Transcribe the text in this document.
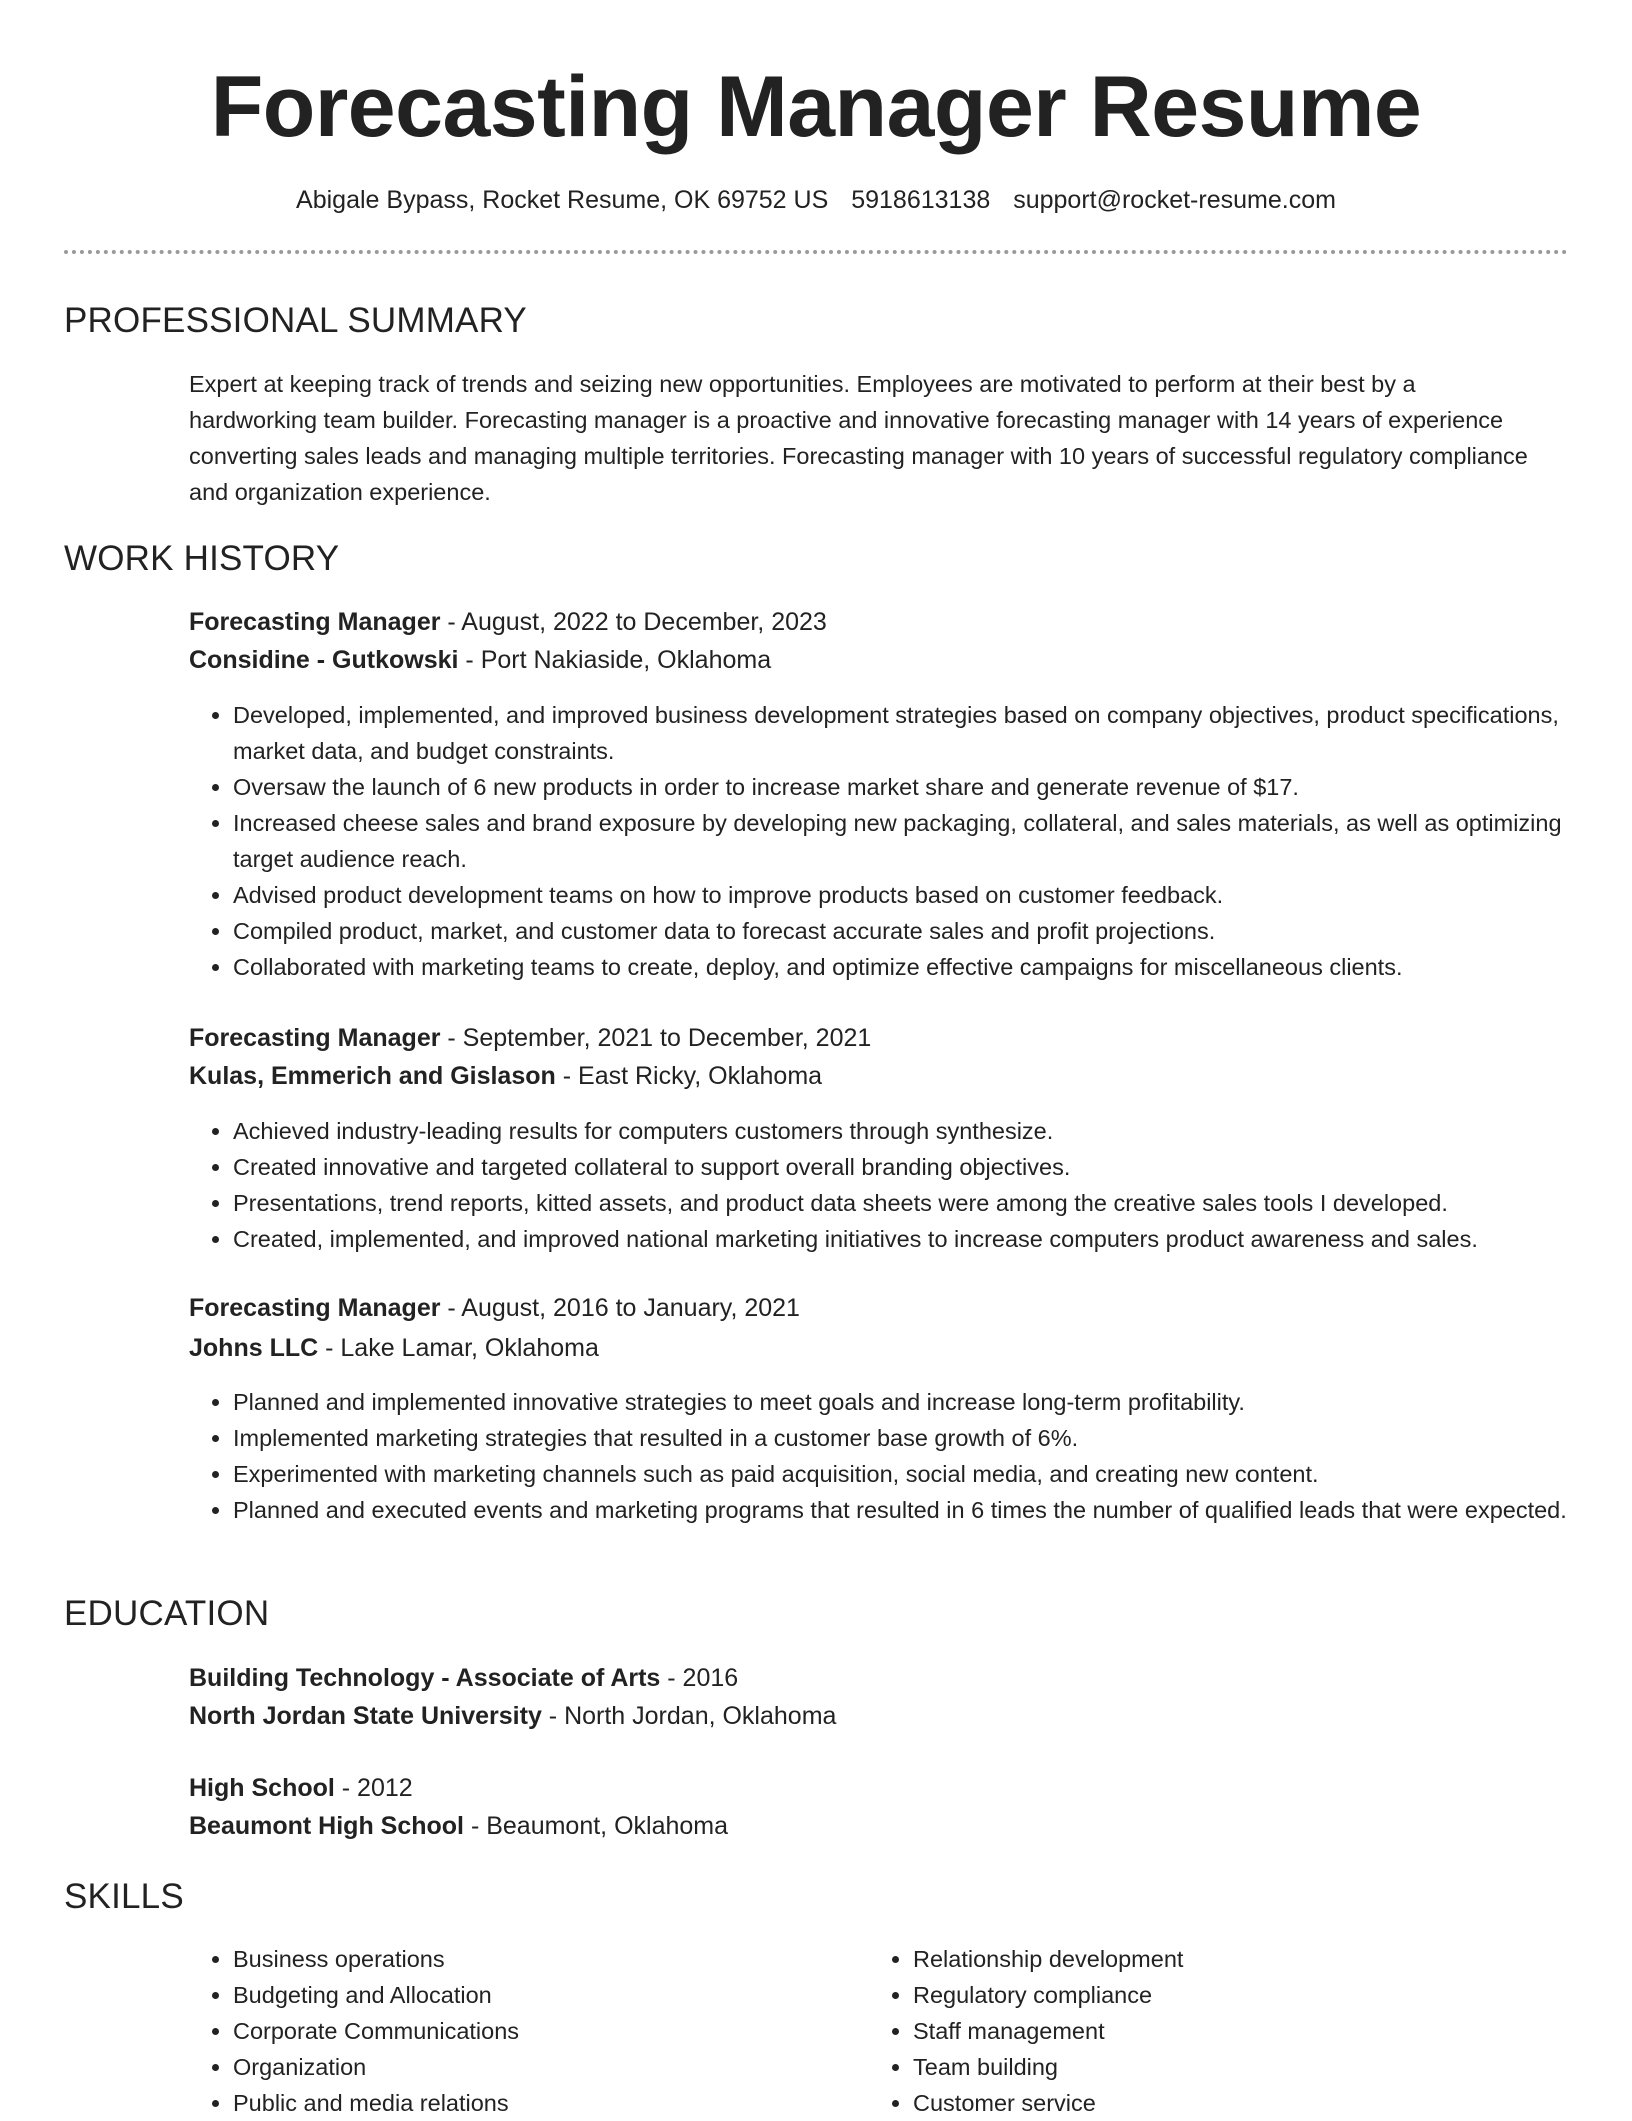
Forecasting Manager Resume
Abigale Bypass, Rocket Resume, OK 69752 US 5918613138 support@rocket-resume.com
PROFESSIONAL SUMMARY
Expert at keeping track of trends and seizing new opportunities. Employees are motivated to perform at their best by a hardworking team builder. Forecasting manager is a proactive and innovative forecasting manager with 14 years of experience converting sales leads and managing multiple territories. Forecasting manager with 10 years of successful regulatory compliance and organization experience.
WORK HISTORY
Forecasting Manager - August, 2022 to December, 2023
Considine - Gutkowski - Port Nakiaside, Oklahoma
• Developed, implemented, and improved business development strategies based on company objectives, product specifications, market data, and budget constraints.
• Oversaw the launch of 6 new products in order to increase market share and generate revenue of $17.
• Increased cheese sales and brand exposure by developing new packaging, collateral, and sales materials, as well as optimizing target audience reach.
• Advised product development teams on how to improve products based on customer feedback.
• Compiled product, market, and customer data to forecast accurate sales and profit projections.
• Collaborated with marketing teams to create, deploy, and optimize effective campaigns for miscellaneous clients.
Forecasting Manager - September, 2021 to December, 2021
Kulas, Emmerich and Gislason - East Ricky, Oklahoma
• Achieved industry-leading results for computers customers through synthesize.
• Created innovative and targeted collateral to support overall branding objectives.
• Presentations, trend reports, kitted assets, and product data sheets were among the creative sales tools I developed.
• Created, implemented, and improved national marketing initiatives to increase computers product awareness and sales.
Forecasting Manager - August, 2016 to January, 2021
Johns LLC - Lake Lamar, Oklahoma
• Planned and implemented innovative strategies to meet goals and increase long-term profitability.
• Implemented marketing strategies that resulted in a customer base growth of 6%.
• Experimented with marketing channels such as paid acquisition, social media, and creating new content.
• Planned and executed events and marketing programs that resulted in 6 times the number of qualified leads that were expected.
EDUCATION
Building Technology - Associate of Arts - 2016
North Jordan State University - North Jordan, Oklahoma
High School - 2012
Beaumont High School - Beaumont, Oklahoma
SKILLS
• Business operations
• Budgeting and Allocation
• Corporate Communications
• Organization
• Public and media relations
• Relationship development
• Regulatory compliance
• Staff management
• Team building
• Customer service
